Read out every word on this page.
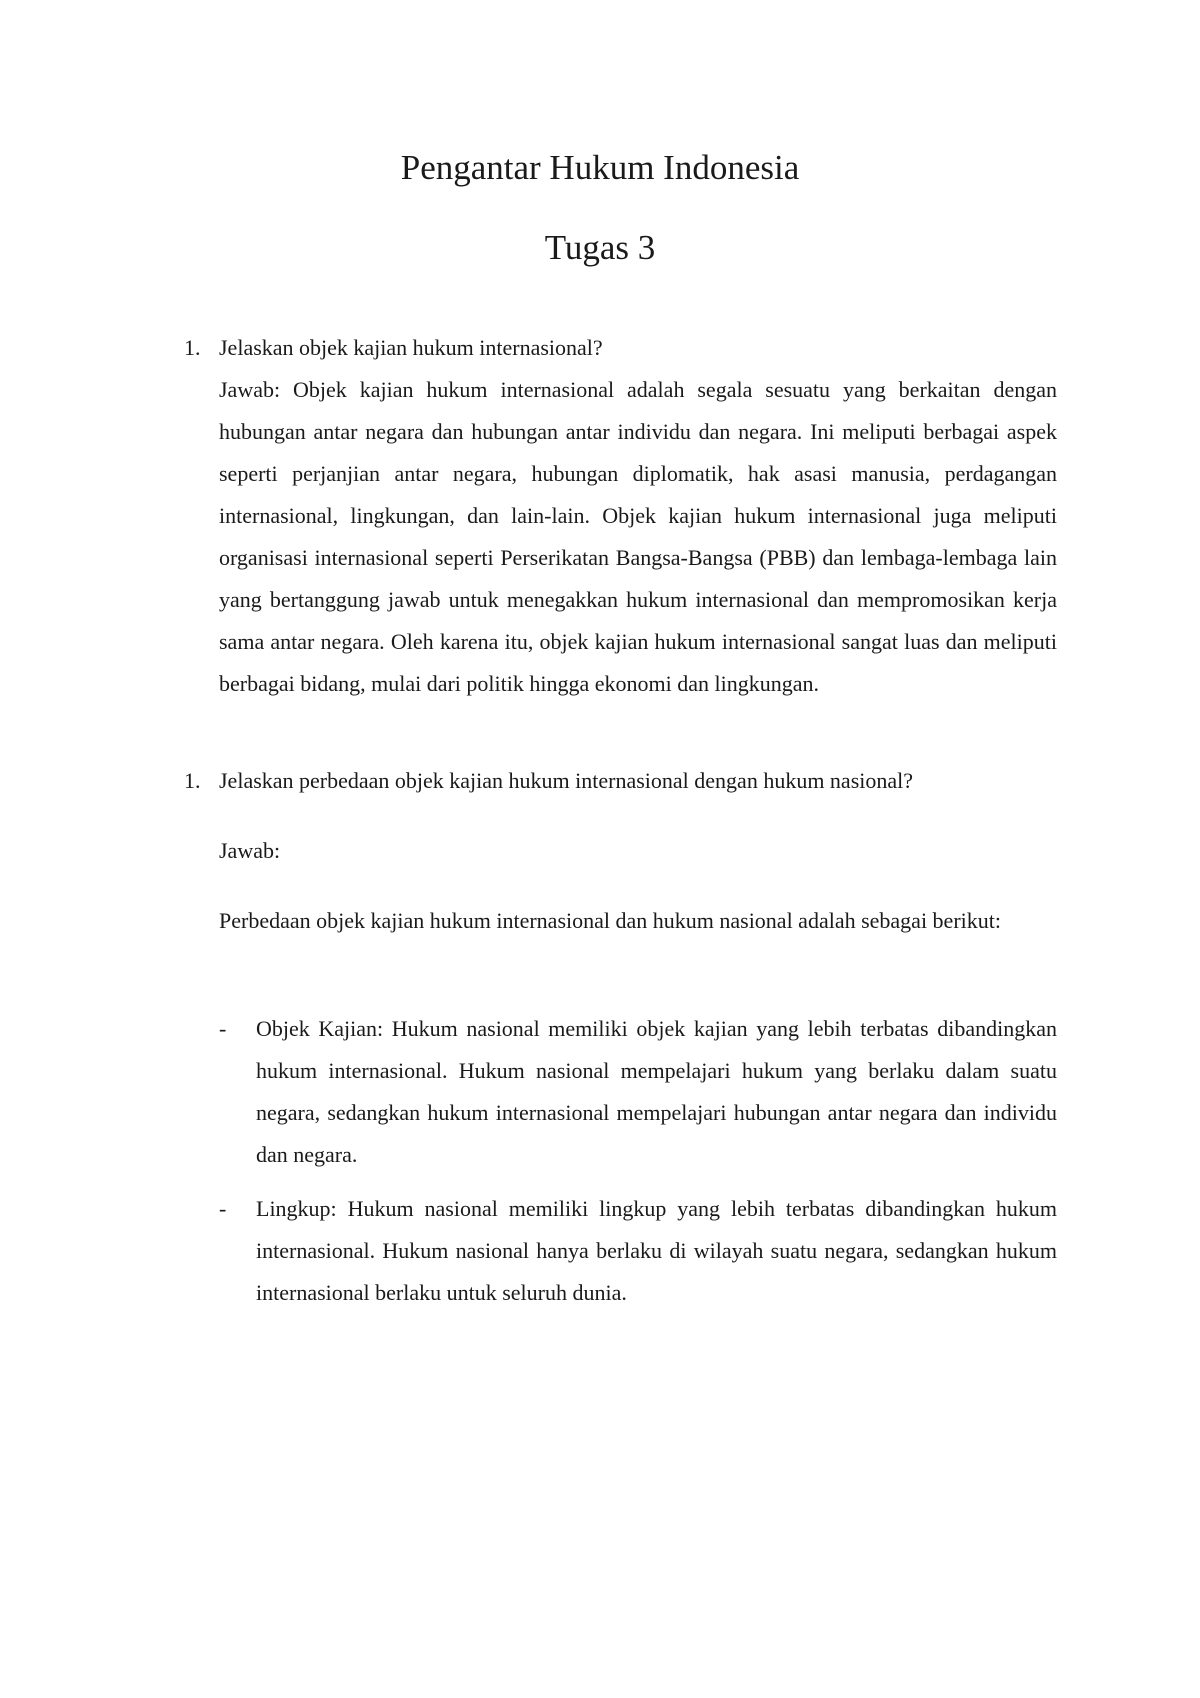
Pengantar Hukum Indonesia
Tugas 3
1. Jelaskan objek kajian hukum internasional?
Jawab: Objek kajian hukum internasional adalah segala sesuatu yang berkaitan dengan hubungan antar negara dan hubungan antar individu dan negara. Ini meliputi berbagai aspek seperti perjanjian antar negara, hubungan diplomatik, hak asasi manusia, perdagangan internasional, lingkungan, dan lain-lain. Objek kajian hukum internasional juga meliputi organisasi internasional seperti Perserikatan Bangsa-Bangsa (PBB) dan lembaga-lembaga lain yang bertanggung jawab untuk menegakkan hukum internasional dan mempromosikan kerja sama antar negara. Oleh karena itu, objek kajian hukum internasional sangat luas dan meliputi berbagai bidang, mulai dari politik hingga ekonomi dan lingkungan.
1. Jelaskan perbedaan objek kajian hukum internasional dengan hukum nasional?
Jawab:
Perbedaan objek kajian hukum internasional dan hukum nasional adalah sebagai berikut:
- Objek Kajian: Hukum nasional memiliki objek kajian yang lebih terbatas dibandingkan hukum internasional. Hukum nasional mempelajari hukum yang berlaku dalam suatu negara, sedangkan hukum internasional mempelajari hubungan antar negara dan individu dan negara.
- Lingkup: Hukum nasional memiliki lingkup yang lebih terbatas dibandingkan hukum internasional. Hukum nasional hanya berlaku di wilayah suatu negara, sedangkan hukum internasional berlaku untuk seluruh dunia.
